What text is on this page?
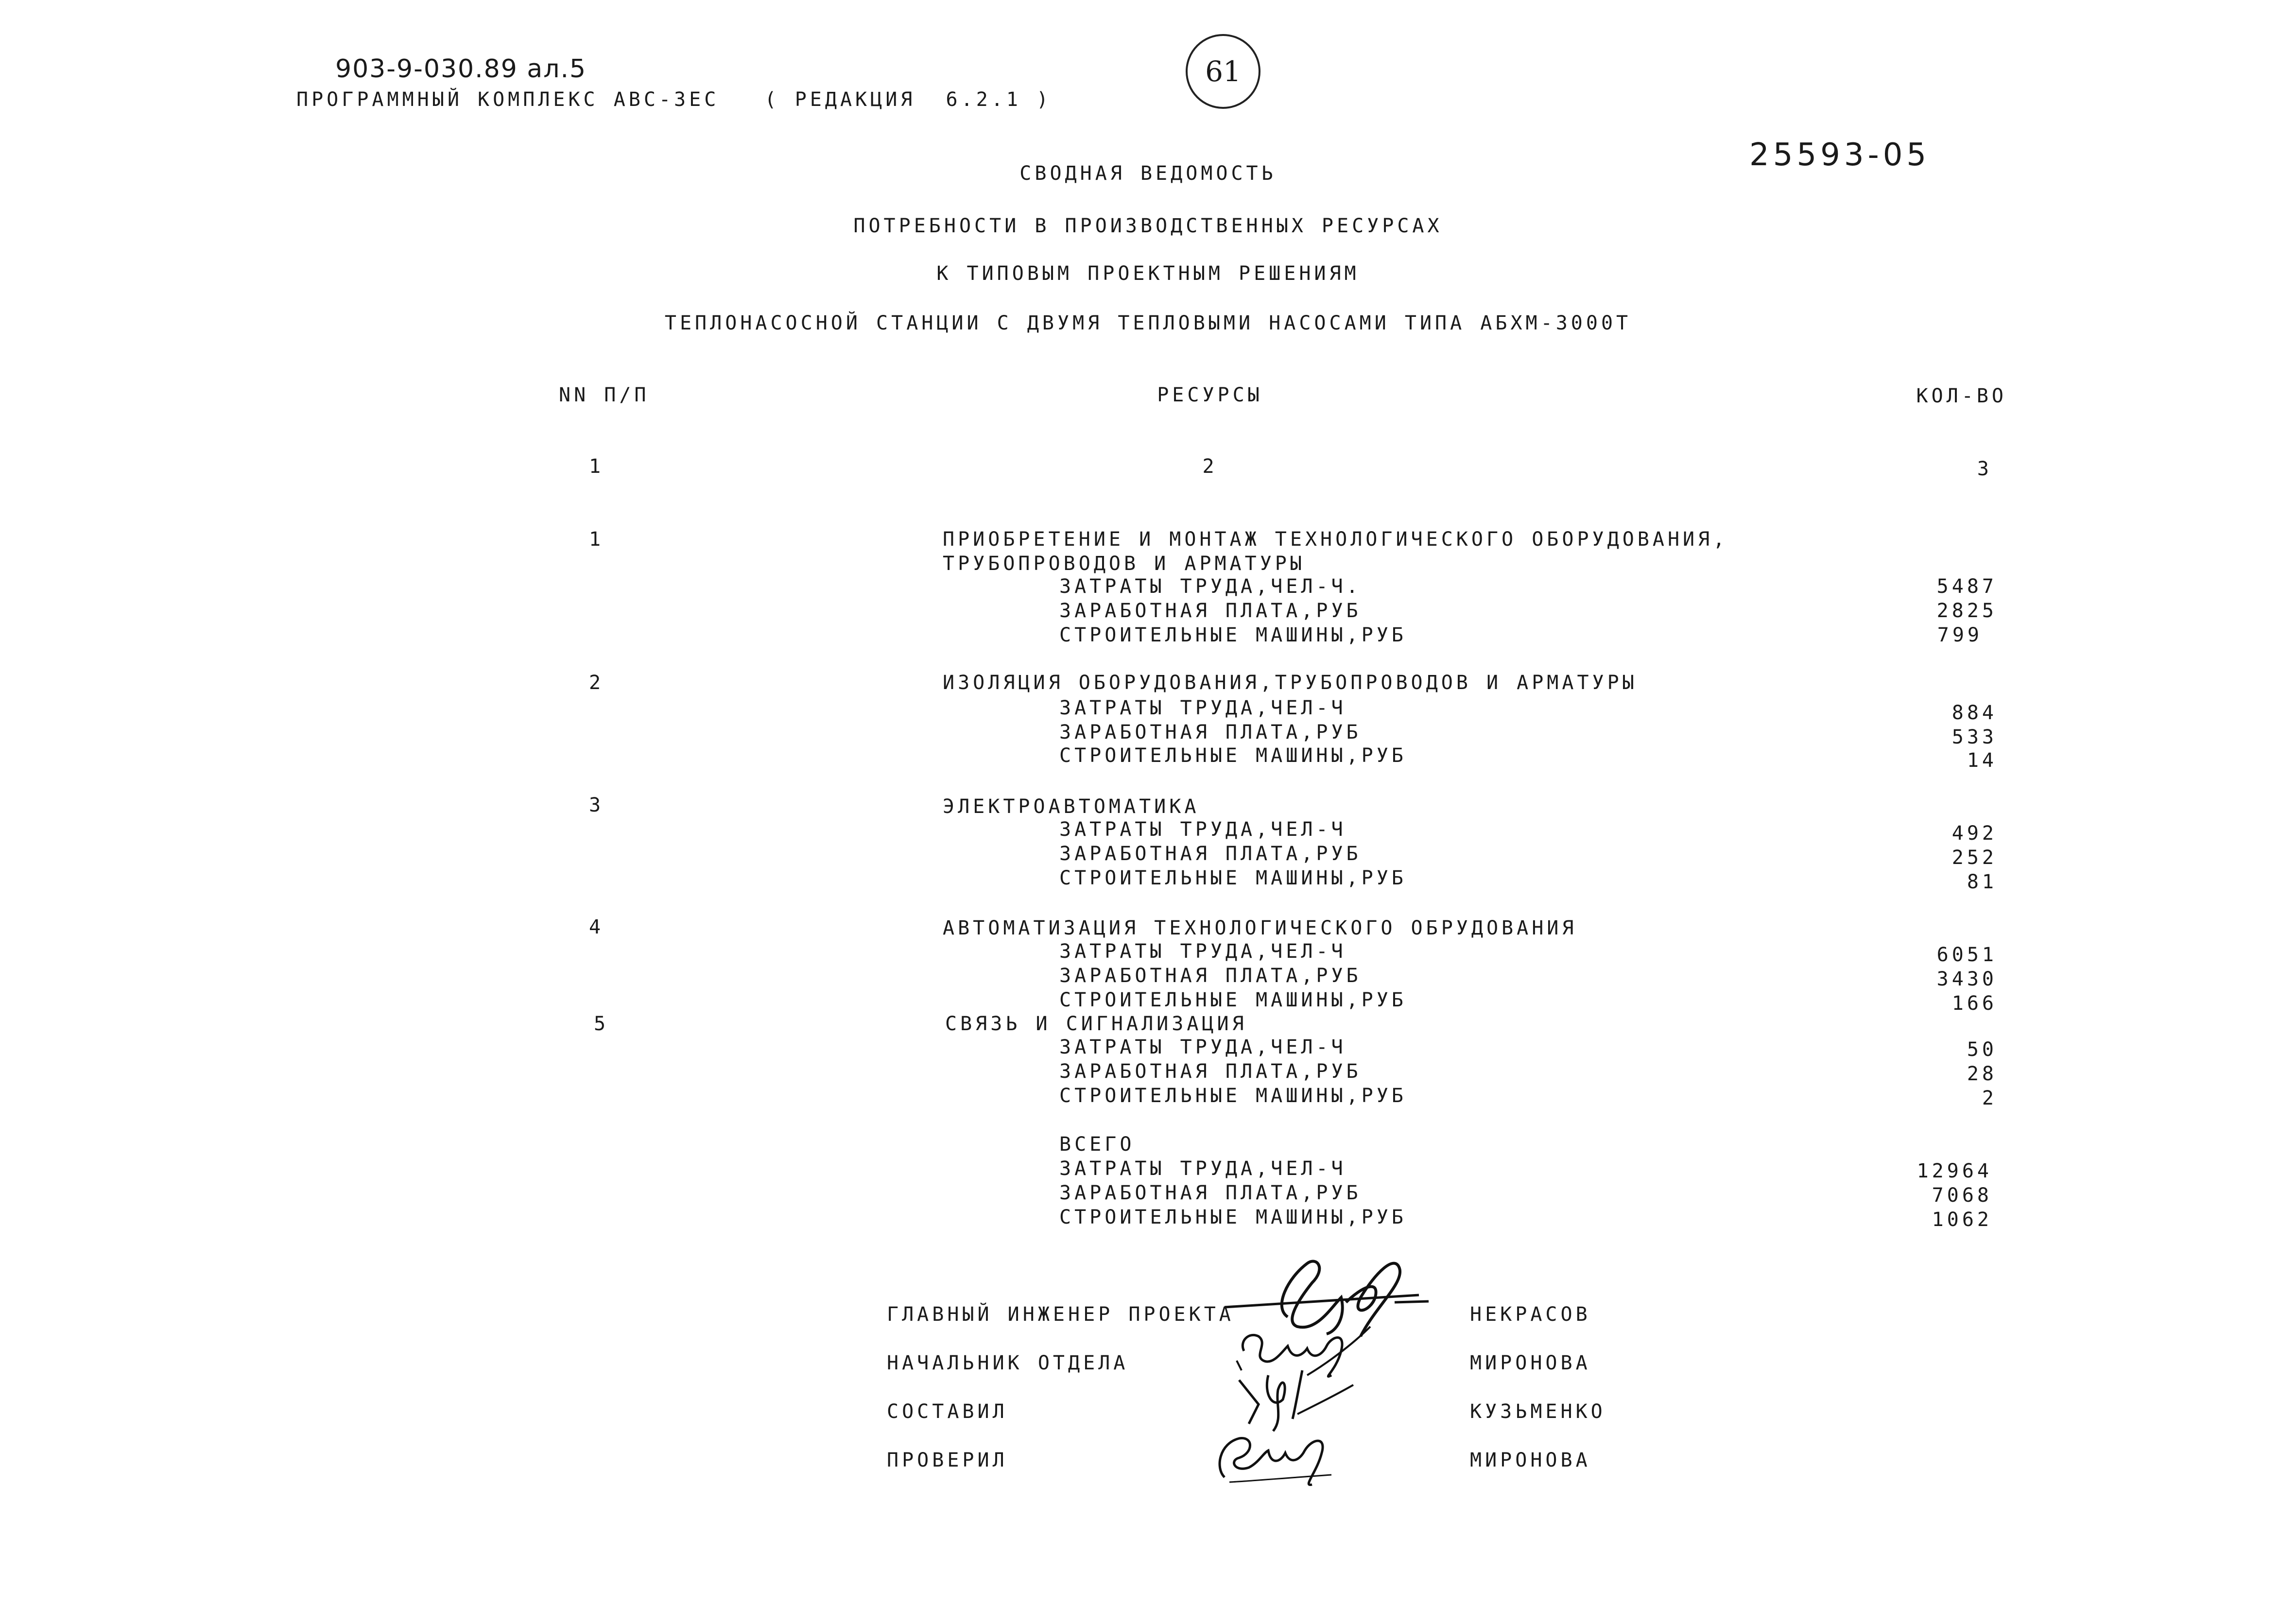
903-9-030.89 ал.5
ПРОГРАММНЫЙ КОМПЛЕКС АВС-3ЕС   ( РЕДАКЦИЯ  6.2.1 )
61
25593-05
СВОДНАЯ ВЕДОМОСТЬ
ПОТРЕБНОСТИ В ПРОИЗВОДСТВЕННЫХ РЕСУРСАХ
К ТИПОВЫМ ПРОЕКТНЫМ РЕШЕНИЯМ
ТЕПЛОНАСОСНОЙ СТАНЦИИ С ДВУМЯ ТЕПЛОВЫМИ НАСОСАМИ ТИПА АБХМ-3000Т
NN П/П	РЕСУРСЫ	КОЛ-ВО
1	2	3
1	ПРИОБРЕТЕНИЕ И МОНТАЖ ТЕХНОЛОГИЧЕСКОГО ОБОРУДОВАНИЯ,
ТРУБОПРОВОДОВ И АРМАТУРЫ
ЗАТРАТЫ ТРУДА,ЧЕЛ-Ч.	5487
ЗАРАБОТНАЯ ПЛАТА,РУБ	2825
СТРОИТЕЛЬНЫЕ МАШИНЫ,РУБ	799
2	ИЗОЛЯЦИЯ ОБОРУДОВАНИЯ,ТРУБОПРОВОДОВ И АРМАТУРЫ
ЗАТРАТЫ ТРУДА,ЧЕЛ-Ч	884
ЗАРАБОТНАЯ ПЛАТА,РУБ	533
СТРОИТЕЛЬНЫЕ МАШИНЫ,РУБ	14
3	ЭЛЕКТРОАВТОМАТИКА
ЗАТРАТЫ ТРУДА,ЧЕЛ-Ч	492
ЗАРАБОТНАЯ ПЛАТА,РУБ	252
СТРОИТЕЛЬНЫЕ МАШИНЫ,РУБ	81
4	АВТОМАТИЗАЦИЯ ТЕХНОЛОГИЧЕСКОГО ОБРУДОВАНИЯ
ЗАТРАТЫ ТРУДА,ЧЕЛ-Ч	6051
ЗАРАБОТНАЯ ПЛАТА,РУБ	3430
СТРОИТЕЛЬНЫЕ МАШИНЫ,РУБ	166
5	СВЯЗЬ И СИГНАЛИЗАЦИЯ
ЗАТРАТЫ ТРУДА,ЧЕЛ-Ч	50
ЗАРАБОТНАЯ ПЛАТА,РУБ	28
СТРОИТЕЛЬНЫЕ МАШИНЫ,РУБ	2
ВСЕГО
ЗАТРАТЫ ТРУДА,ЧЕЛ-Ч	12964
ЗАРАБОТНАЯ ПЛАТА,РУБ	7068
СТРОИТЕЛЬНЫЕ МАШИНЫ,РУБ	1062
ГЛАВНЫЙ ИНЖЕНЕР ПРОЕКТА	НЕКРАСОВ
НАЧАЛЬНИК ОТДЕЛА	МИРОНОВА
СОСТАВИЛ	КУЗЬМЕНКО
ПРОВЕРИЛ	МИРОНОВА
